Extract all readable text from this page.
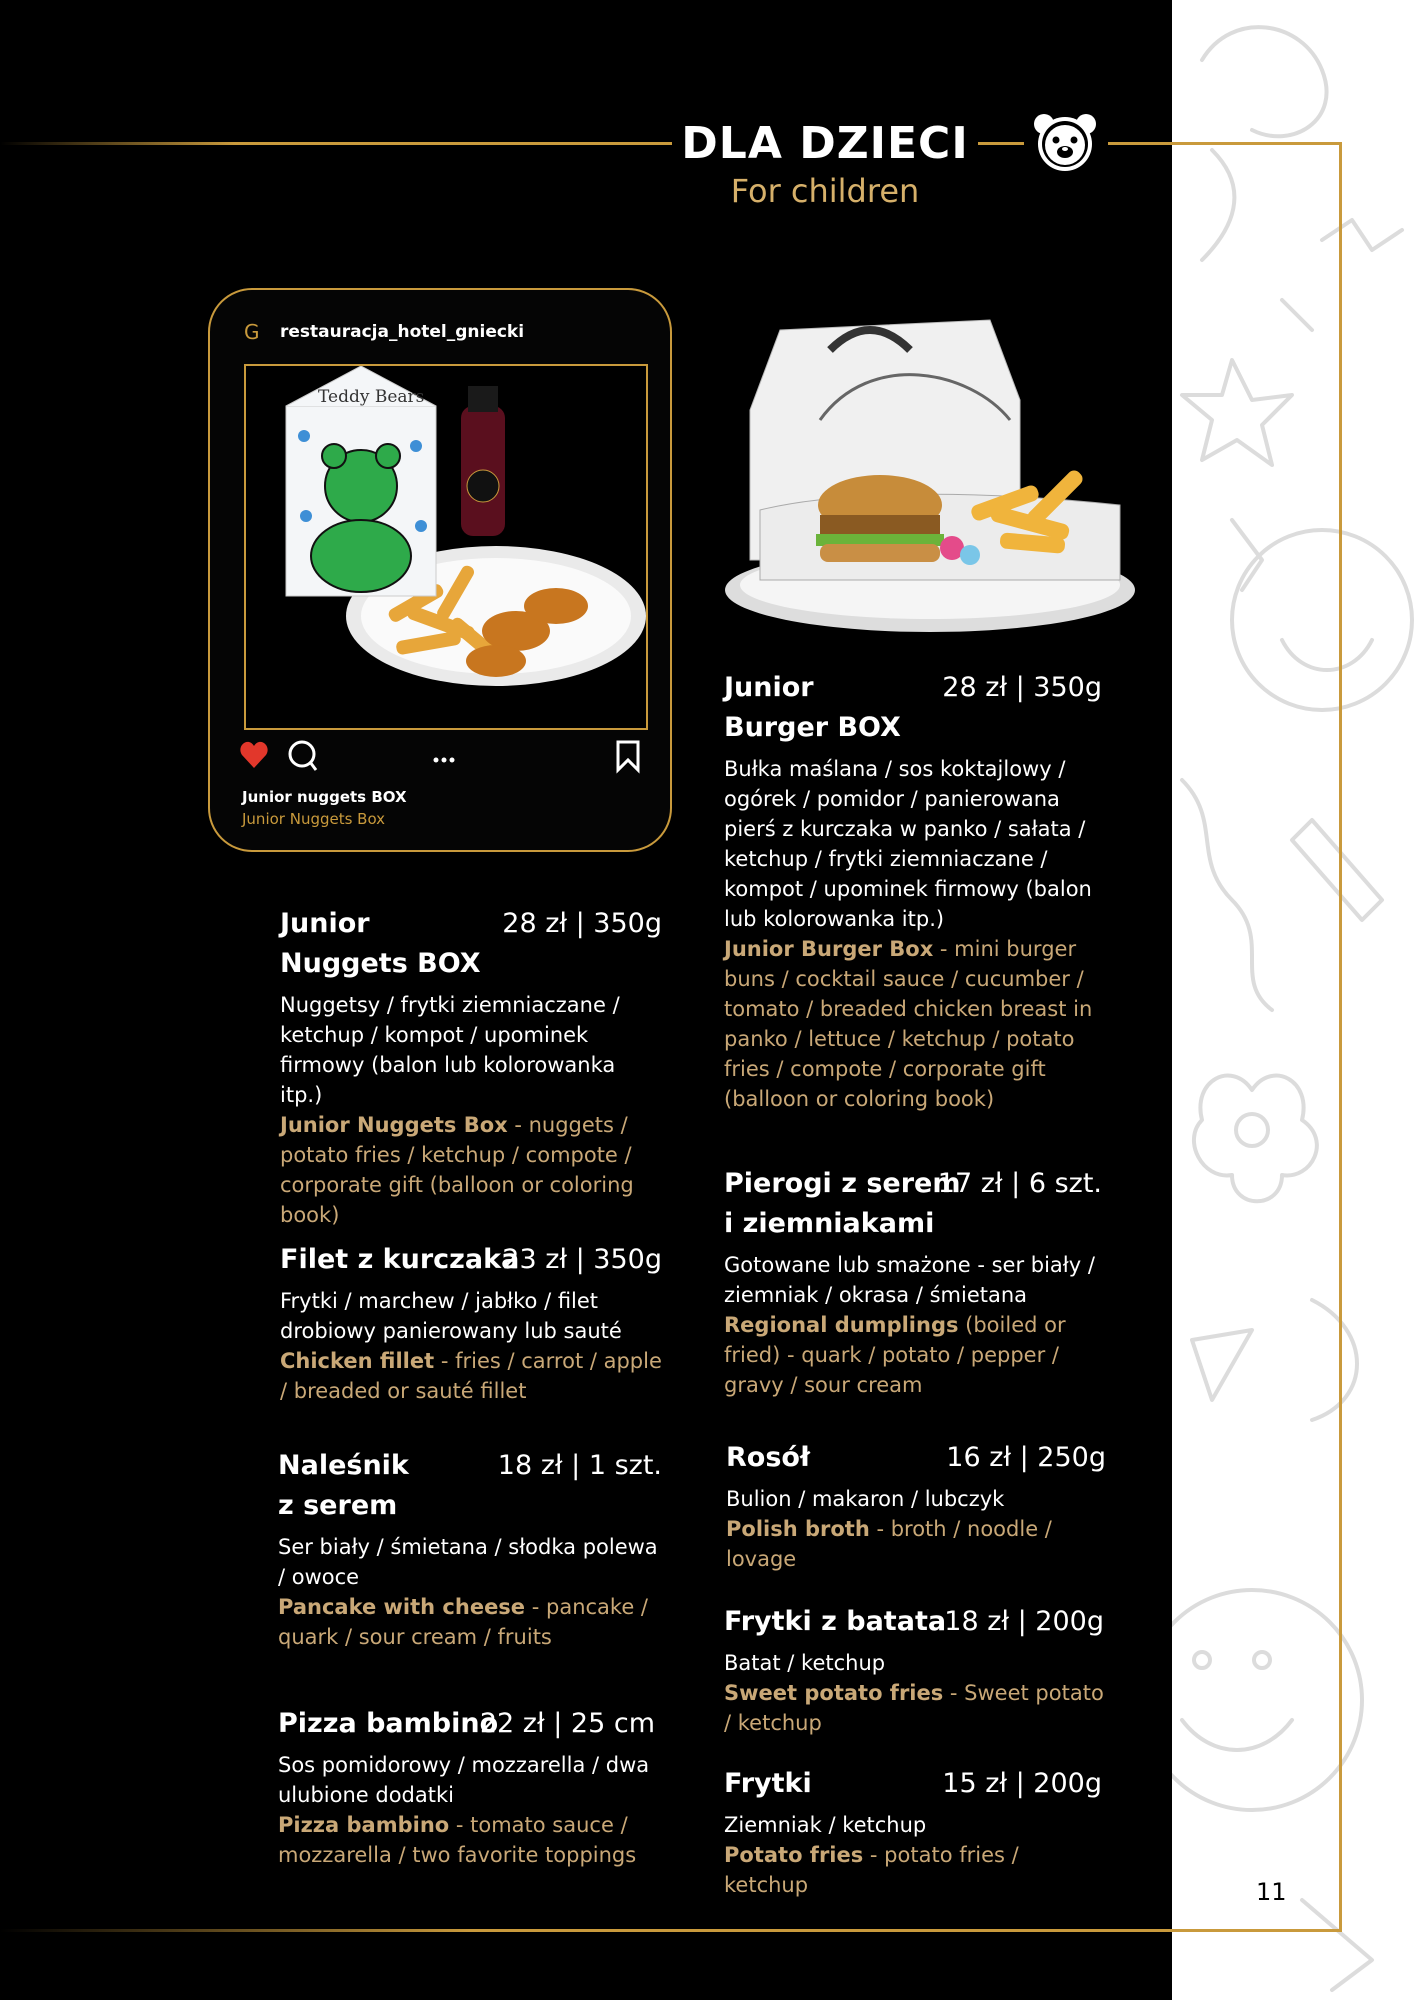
DLA DZIECI
For children
G restauracja_hotel_gniecki
Teddy Bears
Junior nuggets BOX
Junior Nuggets Box
Junior
Nuggets BOX
28 zł | 350g
Nuggetsy / frytki ziemniaczane / ketchup / kompot / upominek firmowy (balon lub kolorowanka itp.)
Junior Nuggets Box - nuggets / potato fries / ketchup / compote / corporate gift (balloon or coloring book)
Filet z kurczaka
23 zł | 350g
Frytki / marchew / jabłko / filet drobiowy panierowany lub sauté
Chicken fillet - fries / carrot / apple / breaded or sauté fillet
Naleśnik
z serem
18 zł | 1 szt.
Ser biały / śmietana / słodka polewa / owoce
Pancake with cheese - pancake / quark / sour cream / fruits
Pizza bambino
22 zł | 25 cm
Sos pomidorowy / mozzarella / dwa ulubione dodatki
Pizza bambino - tomato sauce / mozzarella / two favorite toppings
Junior
Burger BOX
28 zł | 350g
Bułka maślana / sos koktajlowy / ogórek / pomidor / panierowana pierś z kurczaka w panko / sałata / ketchup / frytki ziemniaczane / kompot / upominek firmowy (balon lub kolorowanka itp.)
Junior Burger Box - mini burger buns / cocktail sauce / cucumber / tomato / breaded chicken breast in panko / lettuce / ketchup / potato fries / compote / corporate gift (balloon or coloring book)
Pierogi z serem
i ziemniakami
17 zł | 6 szt.
Gotowane lub smażone - ser biały / ziemniak / okrasa / śmietana
Regional dumplings (boiled or fried) - quark / potato / pepper / gravy / sour cream
Rosół	16 zł | 250g
Bulion / makaron / lubczyk
Polish broth - broth / noodle / lovage
Frytki z batata
18 zł | 200g
Batat / ketchup
Sweet potato fries - Sweet potato / ketchup
Frytki	15 zł | 200g
Ziemniak / ketchup
Potato fries - potato fries / ketchup	11
